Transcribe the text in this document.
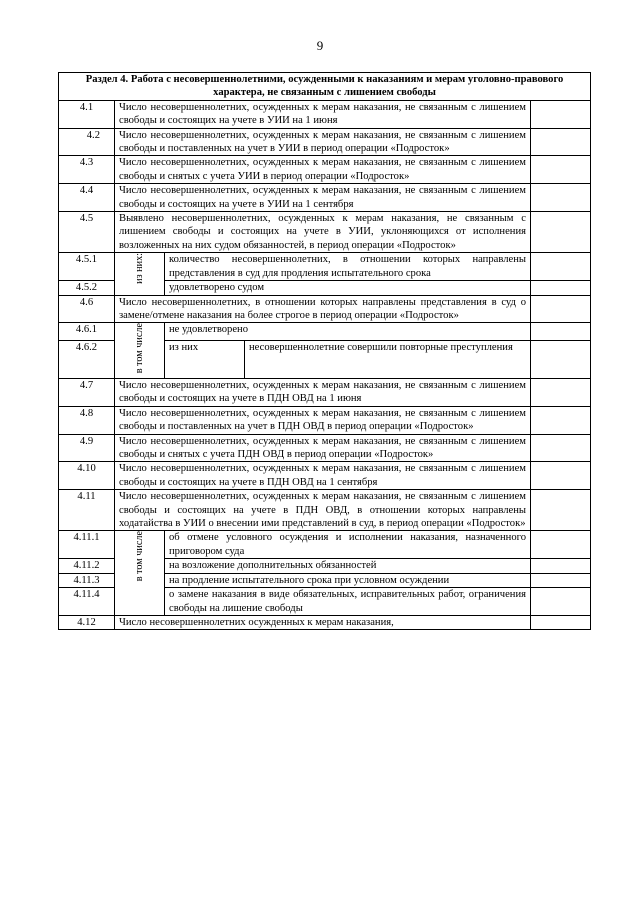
9
Раздел 4. Работа с несовершеннолетними, осужденными к наказаниям и мерам уголовно-правового характера, не связанным с лишением свободы				
4.1	Число несовершеннолетних, осужденных к мерам наказания, не связанным с лишением свободы и состоящих на учете в УИИ на 1 июня			
4.2	Число несовершеннолетних, осужденных к мерам наказания, не связанным с лишением свободы и поставленных на учет в УИИ в период операции «Подросток»			
4.3	Число несовершеннолетних, осужденных к мерам наказания, не связанным с лишением свободы и снятых с учета УИИ в период операции «Подросток»			
4.4	Число несовершеннолетних, осужденных к мерам наказания, не связанным с лишением свободы и состоящих на учете в УИИ на 1 сентября			
4.5	Выявлено несовершеннолетних, осужденных к мерам наказания, не связанным с лишением свободы и состоящих на учете в УИИ, уклоняющихся от исполнения возложенных на них судом обязанностей, в период операции «Подросток»			
4.5.1	из них:	количество несовершеннолетних, в отношении которых направлены представления в суд для продления испытательного срока		
4.5.2		удовлетворено судом		
4.6	Число несовершеннолетних, в отношении которых направлены представления в суд о замене/отмене наказания на более строгое в период операции «Подросток»			
4.6.1	в том числе	не удовлетворено		
4.6.2		из них	несовершеннолетние совершили повторные преступления	
4.7	Число несовершеннолетних, осужденных к мерам наказания, не связанным с лишением свободы и состоящих на учете в ПДН ОВД на 1 июня			
4.8	Число несовершеннолетних, осужденных к мерам наказания, не связанным с лишением свободы и поставленных на учет в ПДН ОВД в период операции «Подросток»			
4.9	Число несовершеннолетних, осужденных к мерам наказания, не связанным с лишением свободы и снятых с учета ПДН ОВД в период операции «Подросток»			
4.10	Число несовершеннолетних, осужденных к мерам наказания, не связанным с лишением свободы и состоящих на учете в ПДН ОВД на 1 сентября			
4.11	Число несовершеннолетних, осужденных к мерам наказания, не связанным с лишением свободы и состоящих на учете в ПДН ОВД, в отношении которых направлены ходатайства в УИИ о внесении ими представлений в суд, в период операции «Подросток»			
4.11.1	в том числе	об отмене условного осуждения и исполнении наказания, назначенного приговором суда		
4.11.2		на возложение дополнительных обязанностей		
4.11.3		на продление испытательного срока при условном осуждении		
4.11.4		о замене наказания в виде обязательных, исправительных работ, ограничения свободы на лишение свободы		
4.12	Число несовершеннолетних осужденных к мерам наказания,			
